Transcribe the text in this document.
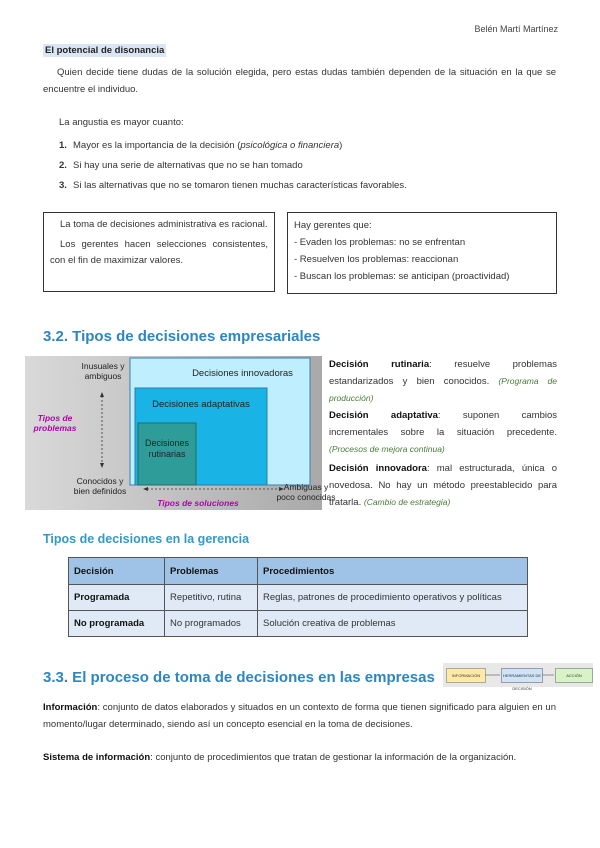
Belén Martí Martínez
El potencial de disonancia
Quien decide tiene dudas de la solución elegida, pero estas dudas también dependen de la situación en la que se encuentre el individuo.
La angustia es mayor cuanto:
1. Mayor es la importancia de la decisión (psicológica o financiera)
2. Si hay una serie de alternativas que no se han tomado
3. Si las alternativas que no se tomaron tienen muchas características favorables.

La toma de decisiones administrativa es racional.

Los gerentes hacen selecciones consistentes, con el fin de maximizar valores.

Hay gerentes que:
- Evaden los problemas: no se enfrentan
- Resuelven los problemas: reaccionan
- Buscan los problemas: se anticipan (proactividad)
3.2. Tipos de decisiones empresariales
Inusuales y
ambiguos
Conocidos y
bien definidos
Tipos de
problemas
Tipos de soluciones
Ambiguas y
poco conocidas
Decisiones innovadoras
Decisiones adaptativas
Decisiones
rutinarias
Decisión rutinaria: resuelve problemas estandarizados y bien conocidos. (Programa de producción)
Decisión adaptativa: suponen cambios incrementales sobre la situación precedente. (Procesos de mejora continua)
Decisión innovadora: mal estructurada, única o novedosa. No hay un método preestablecido para tratarla. (Cambio de estrategia)
Tipos de decisiones en la gerencia
Decisión	Problemas	Procedimientos
Programada	Repetitivo, rutina	Reglas, patrones de procedimiento operativos y políticas
No programada	No programados	Solución creativa de problemas
3.3. El proceso de toma de decisiones en las empresas	INFORMACIÓN	HERRAMIENTAS DE DECISIÓN
ACCIÓN
Información: conjunto de datos elaborados y situados en un contexto de forma que tienen significado para alguien en un momento/lugar determinado, siendo así un concepto esencial en la toma de decisiones.
Sistema de información: conjunto de procedimientos que tratan de gestionar la información de la organización.
